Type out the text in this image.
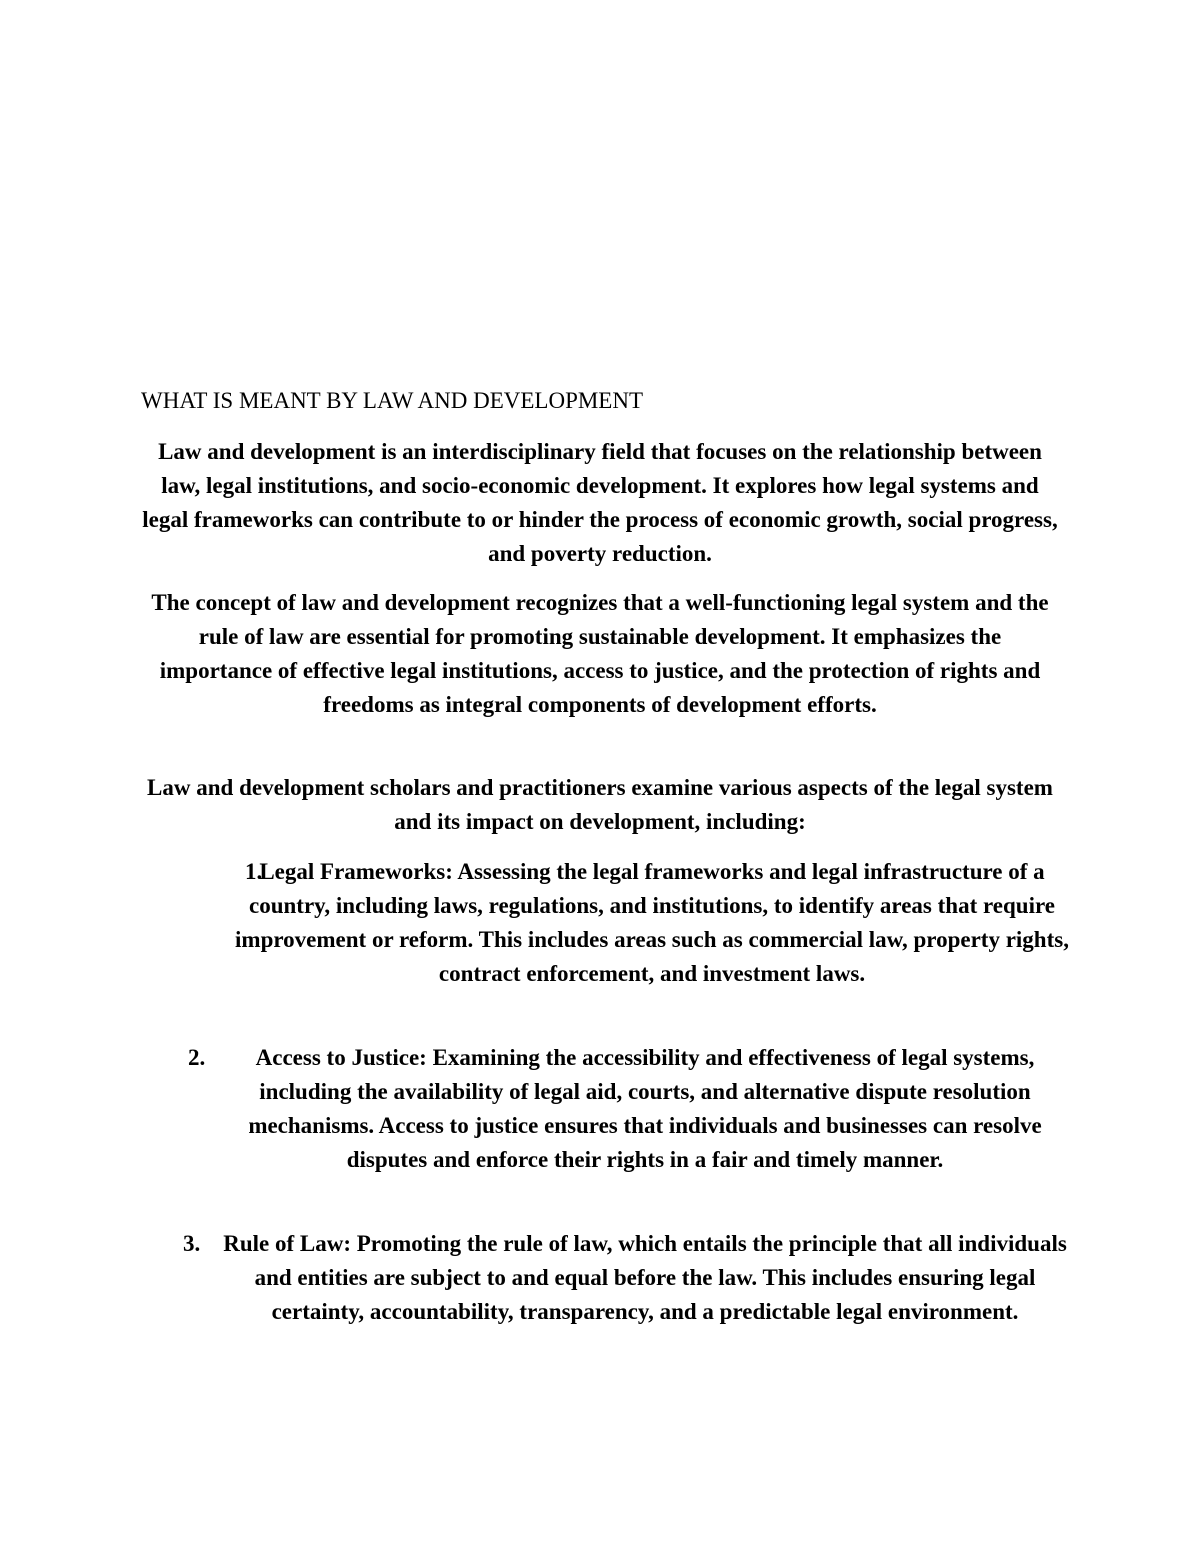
WHAT IS MEANT BY LAW AND DEVELOPMENT

Law and development is an interdisciplinary field that focuses on the relationship between law, legal institutions, and socio-economic development. It explores how legal systems and legal frameworks can contribute to or hinder the process of economic growth, social progress, and poverty reduction.

The concept of law and development recognizes that a well-functioning legal system and the rule of law are essential for promoting sustainable development. It emphasizes the importance of effective legal institutions, access to justice, and the protection of rights and freedoms as integral components of development efforts.

Law and development scholars and practitioners examine various aspects of the legal system and its impact on development, including:

1.
Legal Frameworks: Assessing the legal frameworks and legal infrastructure of a country, including laws, regulations, and institutions, to identify areas that require improvement or reform. This includes areas such as commercial law, property rights, contract enforcement, and investment laws.
2.	Access to Justice: Examining the accessibility and effectiveness of legal systems, including the availability of legal aid, courts, and alternative dispute resolution mechanisms. Access to justice ensures that individuals and businesses can resolve disputes and enforce their rights in a fair and timely manner.
3. Rule of Law: Promoting the rule of law, which entails the principle that all individuals and entities are subject to and equal before the law. This includes ensuring legal certainty, accountability, transparency, and a predictable legal environment.
